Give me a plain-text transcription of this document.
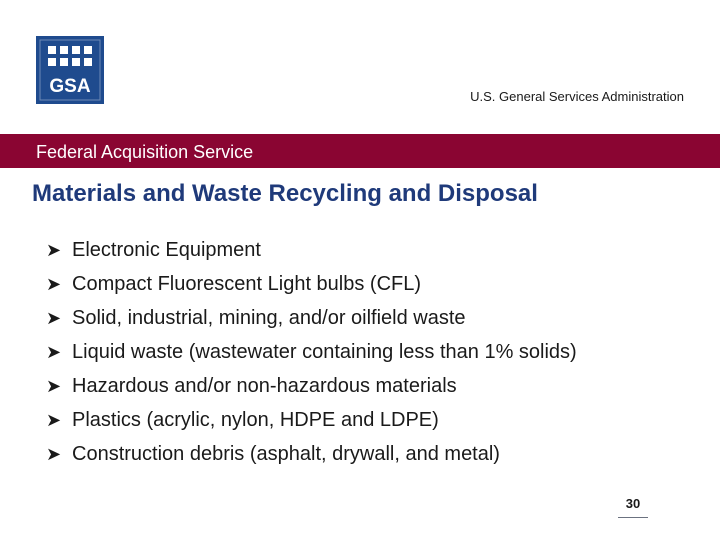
GSA	U.S. General Services Administration
Federal Acquisition Service
Materials and Waste Recycling and Disposal
➤ Electronic Equipment
➤ Compact Fluorescent Light bulbs (CFL)
➤ Solid, industrial, mining, and/or oilfield waste
➤ Liquid waste (wastewater containing less than 1% solids)
➤ Hazardous and/or non-hazardous materials
➤ Plastics (acrylic, nylon, HDPE and LDPE)
➤ Construction debris (asphalt, drywall, and metal)
30
